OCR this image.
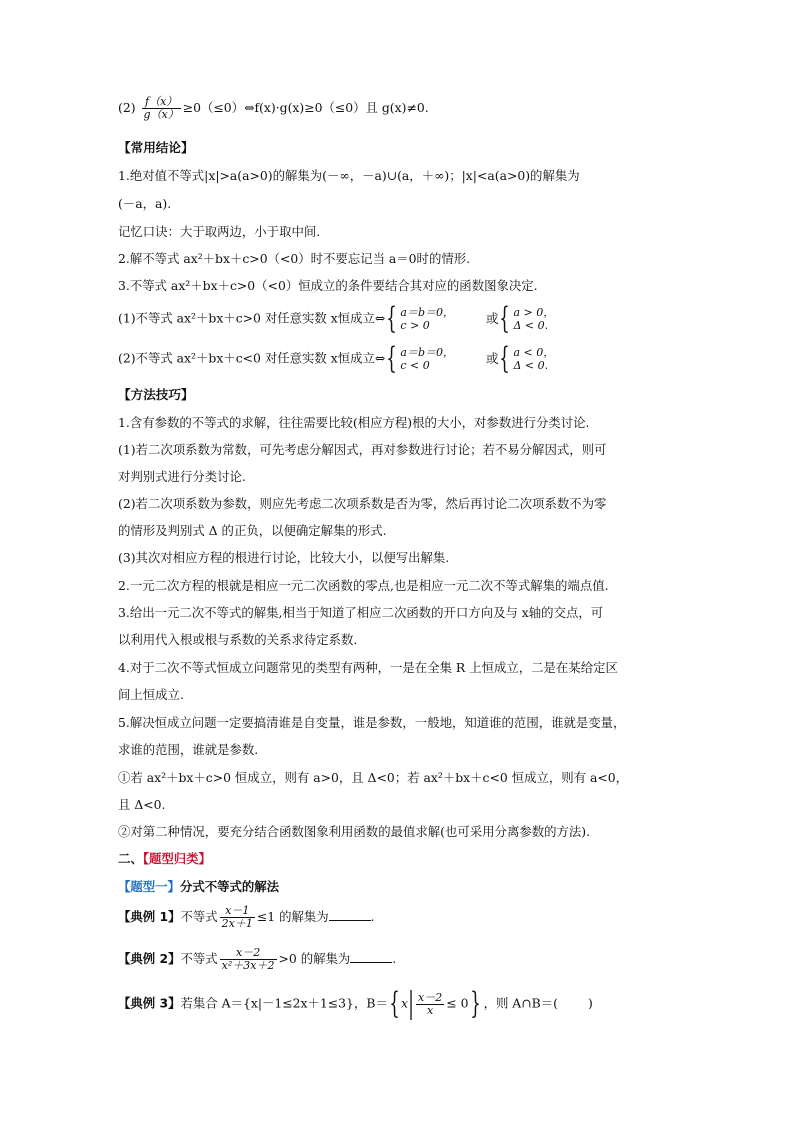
$(2) \frac{f(x)}{g(x)}$ ≥0（≤0）⇔f(x)·g(x)≥0（≤0）且 g(x)≠0.
【常用结论】
1.绝对值不等式|x|>a(a>0)的解集为(－∞，－a)∪(a，＋∞)；|x|<a(a>0)的解集为
(－a，a).
记忆口诀：大于取两边，小于取中间.
2.解不等式 ax²＋bx＋c>0（<0）时不要忘记当 a＝0时的情形.
3.不等式 ax²＋bx＋c>0（<0）恒成立的条件要结合其对应的函数图象决定.
(1)不等式 ax²＋bx＋c>0 对任意实数 x恒成立⇔{ a＝b＝0，
c > 0	或{ a > 0，
Δ < 0.
(2)不等式 ax²＋bx＋c<0 对任意实数 x恒成立⇔{ a＝b＝0，
c < 0	或{ a < 0，
Δ < 0.
【方法技巧】
1.含有参数的不等式的求解，往往需要比较(相应方程)根的大小，对参数进行分类讨论.
(1)若二次项系数为常数，可先考虑分解因式，再对参数进行讨论；若不易分解因式，则可
对判别式进行分类讨论.
(2)若二次项系数为参数，则应先考虑二次项系数是否为零，然后再讨论二次项系数不为零
的情形及判别式 Δ 的正负，以便确定解集的形式.
(3)其次对相应方程的根进行讨论，比较大小，以便写出解集.
2.一元二次方程的根就是相应一元二次函数的零点,也是相应一元二次不等式解集的端点值.
3.给出一元二次不等式的解集,相当于知道了相应二次函数的开口方向及与 x轴的交点，可
以利用代入根或根与系数的关系求待定系数.
4.对于二次不等式恒成立问题常见的类型有两种，一是在全集 R 上恒成立，二是在某给定区
间上恒成立.
5.解决恒成立问题一定要搞清谁是自变量，谁是参数，一般地，知道谁的范围，谁就是变量，
求谁的范围，谁就是参数.
①若 ax²＋bx＋c>0 恒成立，则有 a>0，且 Δ<0；若 ax²＋bx＋c<0 恒成立，则有 a<0，
且 Δ<0.
②对第二种情况，要充分结合函数图象利用函数的最值求解(也可采用分离参数的方法).
二、【题型归类】
【题型一】分式不等式的解法
【典例 1】不等式 $\frac{x-1}{2x+1} \le 1$ 的解集为	.
【典例 2】不等式 $\frac{x-2}{\text{x²＋3x＋2}} >0$ 的解集为	.
【典例 3】若集合 A＝{x|－1≤2x＋1≤3}，$B=\{x| \frac{x-2}{x} \le 0\}$ ，则 A∩B＝( )
